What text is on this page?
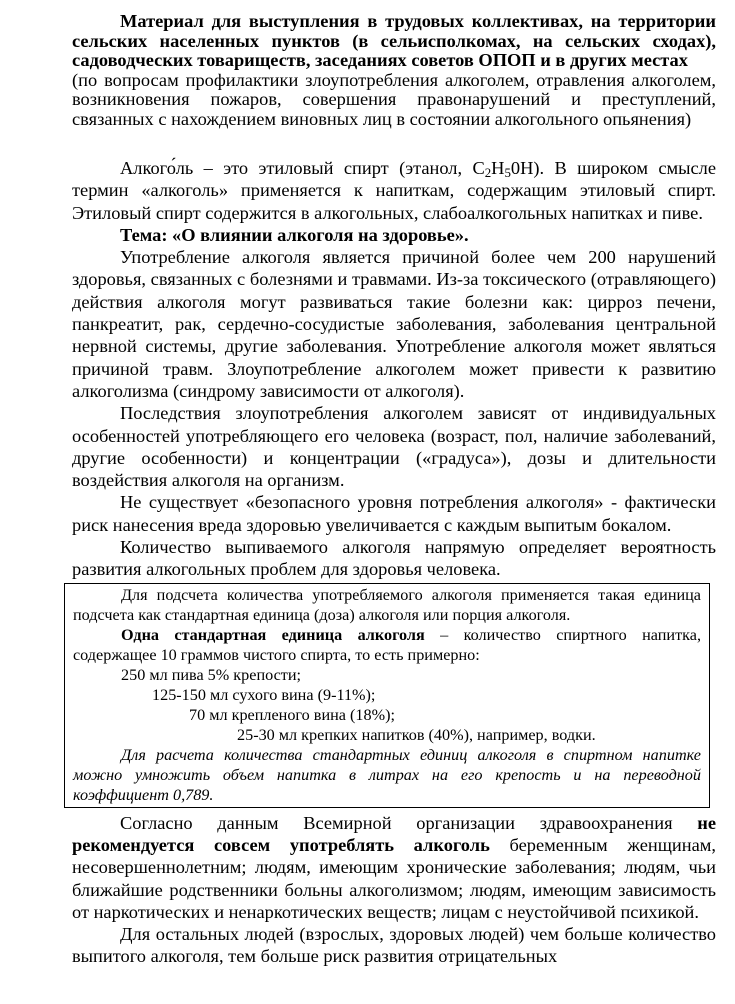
Материал для выступления в трудовых коллективах, на территории сельских населенных пунктов (в сельисполкомах, на сельских сходах), садоводческих товариществ, заседаниях советов ОПОП и в других местах

(по вопросам профилактики злоупотребления алкоголем, отравления алкоголем, возникновения пожаров, совершения правонарушений и преступлений, связанных с нахождением виновных лиц в состоянии алкогольного опьянения)

Алкого́ль – это этиловый спирт (этанол, $C_2H_50H$). В широком смысле термин «алкоголь» применяется к напиткам, содержащим этиловый спирт. Этиловый спирт содержится в алкогольных, слабоалкогольных напитках и пиве.

Тема: «О влиянии алкоголя на здоровье».

Употребление алкоголя является причиной более чем 200 нарушений здоровья, связанных с болезнями и травмами. Из-за токсического (отравляющего) действия алкоголя могут развиваться такие болезни как: цирроз печени, панкреатит, рак, сердечно-сосудистые заболевания, заболевания центральной нервной системы, другие заболевания. Употребление алкоголя может являться причиной травм. Злоупотребление алкоголем может привести к развитию алкоголизма (синдрому зависимости от алкоголя).

Последствия злоупотребления алкоголем зависят от индивидуальных особенностей употребляющего его человека (возраст, пол, наличие заболеваний, другие особенности) и концентрации («градуса»), дозы и длительности воздействия алкоголя на организм.

Не существует «безопасного уровня потребления алкоголя» - фактически риск нанесения вреда здоровью увеличивается с каждым выпитым бокалом.

Количество выпиваемого алкоголя напрямую определяет вероятность развития алкогольных проблем для здоровья человека.

Для подсчета количества употребляемого алкоголя применяется такая единица подсчета как стандартная единица (доза) алкоголя или порция алкоголя.

Одна стандартная единица алкоголя – количество спиртного напитка, содержащее 10 граммов чистого спирта, то есть примерно:

250 мл пива 5% крепости;

125-150 мл сухого вина (9-11%);

70 мл крепленого вина (18%);

25-30 мл крепких напитков (40%), например, водки.

Для расчета количества стандартных единиц алкоголя в спиртном напитке можно умножить объем напитка в литрах на его крепость и на переводной коэффициент 0,789.

Согласно данным Всемирной организации здравоохранения не рекомендуется совсем употреблять алкоголь беременным женщинам, несовершеннолетним; людям, имеющим хронические заболевания; людям, чьи ближайшие родственники больны алкоголизмом; людям, имеющим зависимость от наркотических и ненаркотических веществ; лицам с неустойчивой психикой.

Для остальных людей (взрослых, здоровых людей) чем больше количество выпитого алкоголя, тем больше риск развития отрицательных
